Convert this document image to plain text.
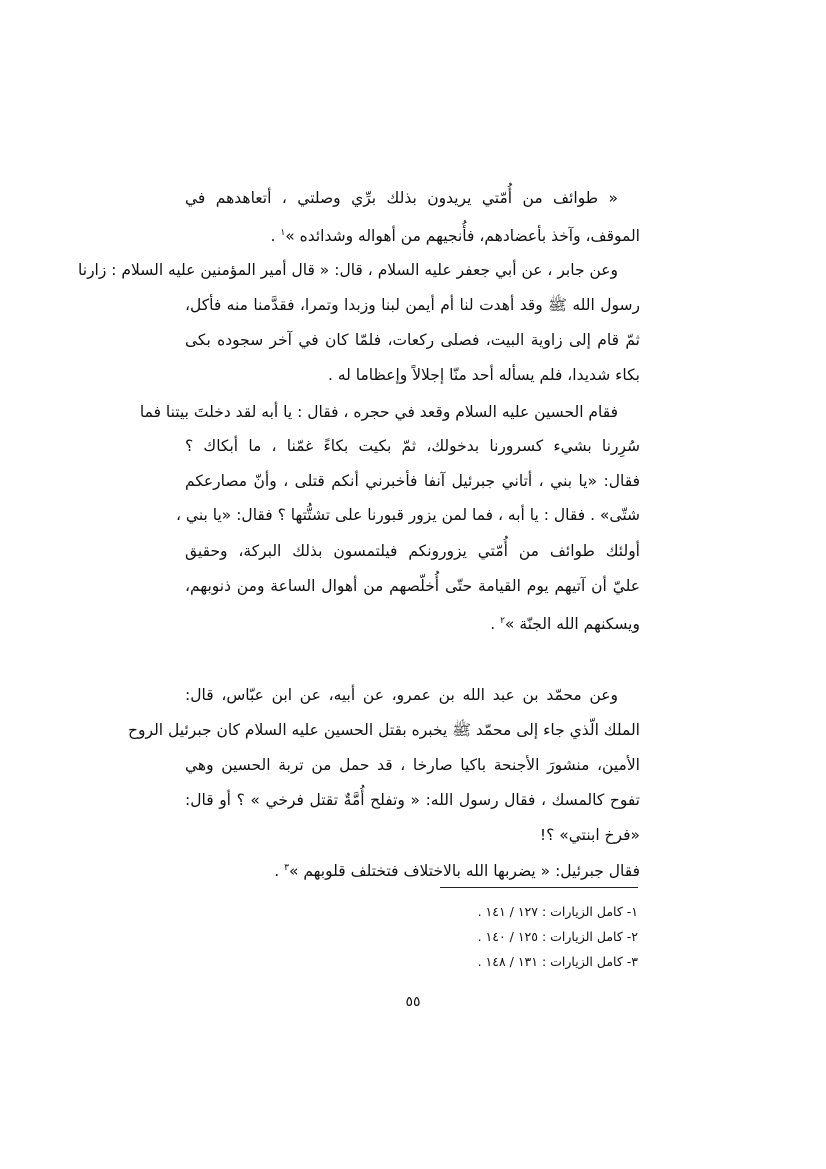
« طوائف من أُمّتي يريدون بذلك برِّي وصلتي ، أتعاهدهم في
الموقف، وآخذ بأعضادهم، فأُنجيهم من أهواله وشدائده »$^١$ .
وعن جابر ، عن أبي جعفر عليه السلام ، قال: « قال أمير المؤمنين عليه السلام : زارنا
رسول الله ﷺ وقد أهدت لنا أم أيمن لبنا وزبدا وتمرا، فقدَّمنا منه فأكل،
ثمّ قام إلى زاوية البيت، فصلى ركعات، فلمّا كان في آخر سجوده بكى
بكاء شديدا، فلم يسأله أحد منّا إجلالاً وإعظاما له .
فقام الحسين عليه السلام وقعد في حجره ، فقال : يا أبه لقد دخلتَ بيتنا فما
سُرِرنا بشيء كسرورنا بدخولك، ثمّ بكيت بكاءً غمّنا ، ما أبكاك ؟
فقال: «يا بني ، أتاني جبرئيل آنفا فأخبرني أنكم قتلى ، وأنّ مصارعكم
شتّى» . فقال : يا أبه ، فما لمن يزور قبورنا على تشتُّتها ؟ فقال: «يا بني ،
أولئك طوائف من أُمّتي يزورونكم فيلتمسون بذلك البركة، وحقيق
عليّ أن آتيهم يوم القيامة حتّى أُخلّصهم من أهوال الساعة ومن ذنوبهم،
ويسكنهم الله الجنّة »$^٢$ .
وعن محمّد بن عبد الله بن عمرو، عن أبيه، عن ابن عبّاس، قال:
الملك الّذي جاء إلى محمّد ﷺ يخبره بقتل الحسين عليه السلام كان جبرئيل الروح
الأمين، منشورَ الأجنحة باكيا صارخا ، قد حمل من تربة الحسين وهي
تفوح كالمسك ، فقال رسول الله: « وتفلح أُمَّةٌ تقتل فرخي » ؟ أو قال:
«فرخ ابنتي» ؟!
فقال جبرئيل: « يضربها الله بالاختلاف فتختلف قلوبهم »$^٣$ .
١- كامل الزيارات : ١٢٧ / ١٤١ .
٢- كامل الزيارات : ١٢٥ / ١٤٠ .
٣- كامل الزيارات : ١٣١ / ١٤٨ .
٥٥
